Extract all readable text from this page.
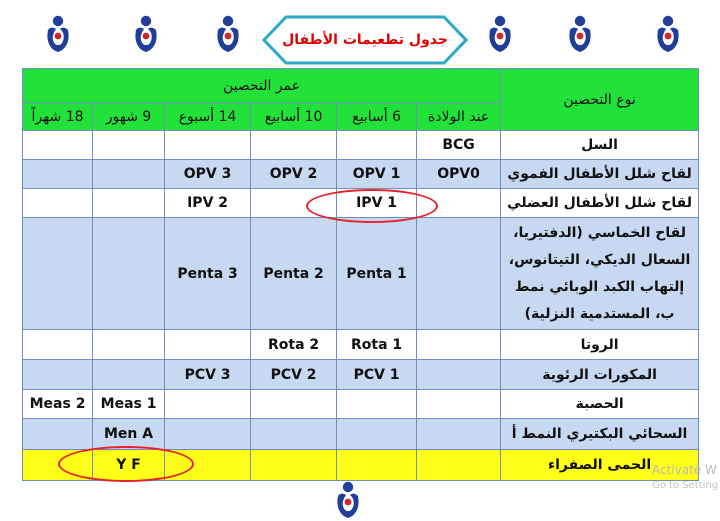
جدول تطعيمات الأطفال
نوع التحصين	عمر التحصين					
	عند الولادة	6 أسابيع	10 أسابيع	14 أسبوع	9 شهور	18 شهراً
السل	BCG					
لقاح شلل الأطفال الفموي	OPV0	OPV 1	OPV 2	OPV 3		
لقاح شلل الأطفال العضلي		IPV 1		IPV 2		
لقاح الخماسي (الدفتيريا، السعال الديكي، التيتانوس، إلتهاب الكبد الوبائي نمط ب، المستدمية النزلية)		Penta 1	Penta 2	Penta 3		
الروتا		Rota 1	Rota 2			
المكورات الرئوية		PCV 1	PCV 2	PCV 3		
الحصبة					Meas 1	Meas 2
السحائي البكتيري النمط أ					Men A	
الحمى الصفراء					Y F		Activate W
Go to Setting
